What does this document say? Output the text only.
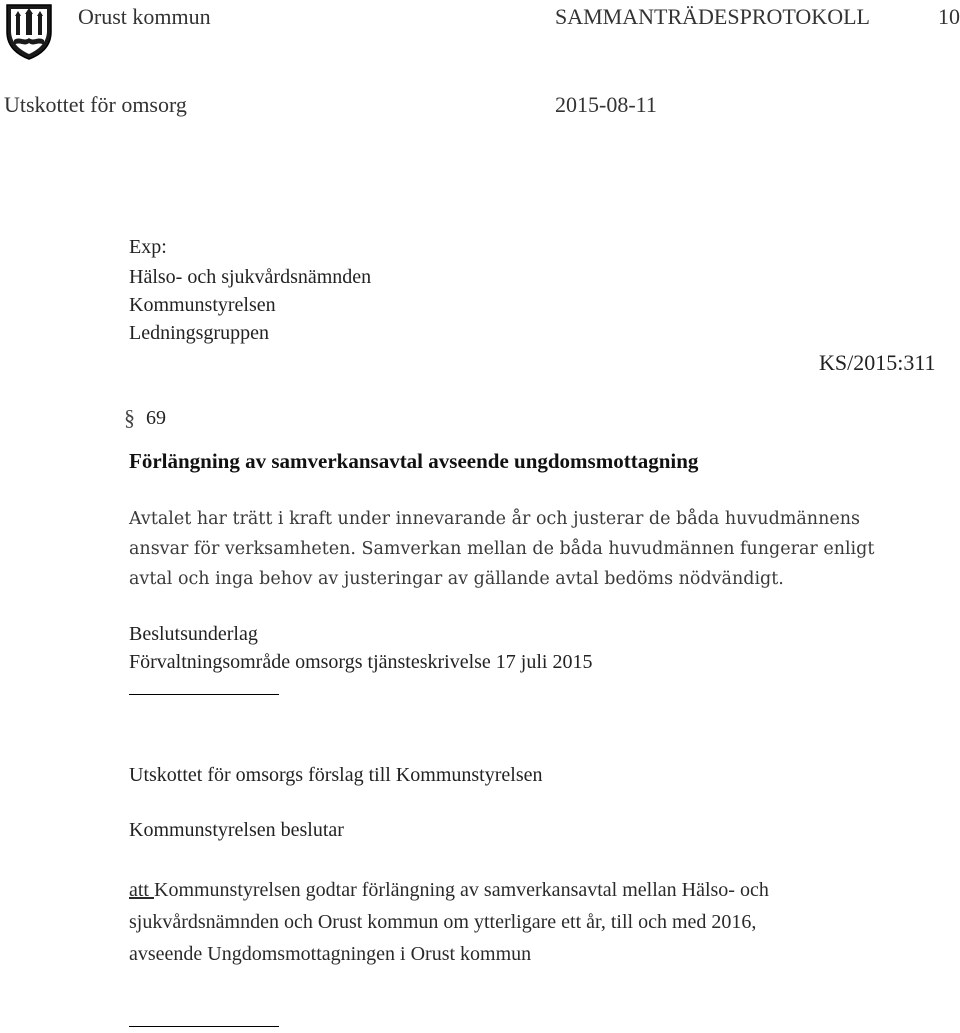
Orust kommun	SAMMANTRÄDESPROTOKOLL	10
Utskottet för omsorg	2015-08-11
Exp:
Hälso- och sjukvårdsnämnden
Kommunstyrelsen
Ledningsgruppen
KS/2015:311
§ 69
Förlängning av samverkansavtal avseende ungdomsmottagning
Avtalet har trätt i kraft under innevarande år och justerar de båda huvudmännens
ansvar för verksamheten. Samverkan mellan de båda huvudmännen fungerar enligt
avtal och inga behov av justeringar av gällande avtal bedöms nödvändigt.
Beslutsunderlag
Förvaltningsområde omsorgs tjänsteskrivelse 17 juli 2015
Utskottet för omsorgs förslag till Kommunstyrelsen
Kommunstyrelsen beslutar
att Kommunstyrelsen godtar förlängning av samverkansavtal mellan Hälso- och
sjukvårdsnämnden och Orust kommun om ytterligare ett år, till och med 2016,
avseende Ungdomsmottagningen i Orust kommun
